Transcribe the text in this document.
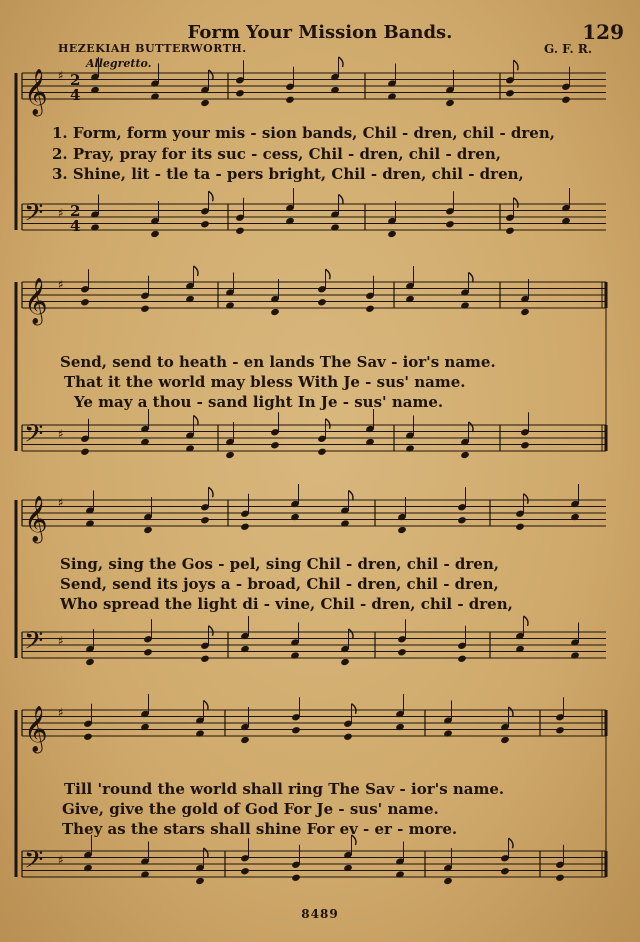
Form Your Mission Bands.	129
HEZEKIAH BUTTERWORTH.	G. F. R.
Allegretto.
𝄞 ♯ 2
4
𝄢 ♯ 2
4
𝄞 ♯
𝄢 ♯
𝄞 ♯
𝄢 ♯
𝄞 ♯
𝄢 ♯
1. Form, form your mis - sion bands, Chil - dren, chil - dren,
2. Pray, pray for its suc - cess, Chil - dren, chil - dren,
3. Shine, lit - tle ta - pers bright, Chil - dren, chil - dren,
Send, send to heath - en lands The Sav - ior's name.
That it the world may bless With Je - sus' name.
Ye may a thou - sand light In Je - sus' name.
Sing, sing the Gos - pel, sing Chil - dren, chil - dren,
Send, send its joys a - broad, Chil - dren, chil - dren,
Who spread the light di - vine, Chil - dren, chil - dren,
Till 'round the world shall ring The Sav - ior's name.
Give, give the gold of God For Je - sus' name.
They as the stars shall shine For ev - er - more.
8489
